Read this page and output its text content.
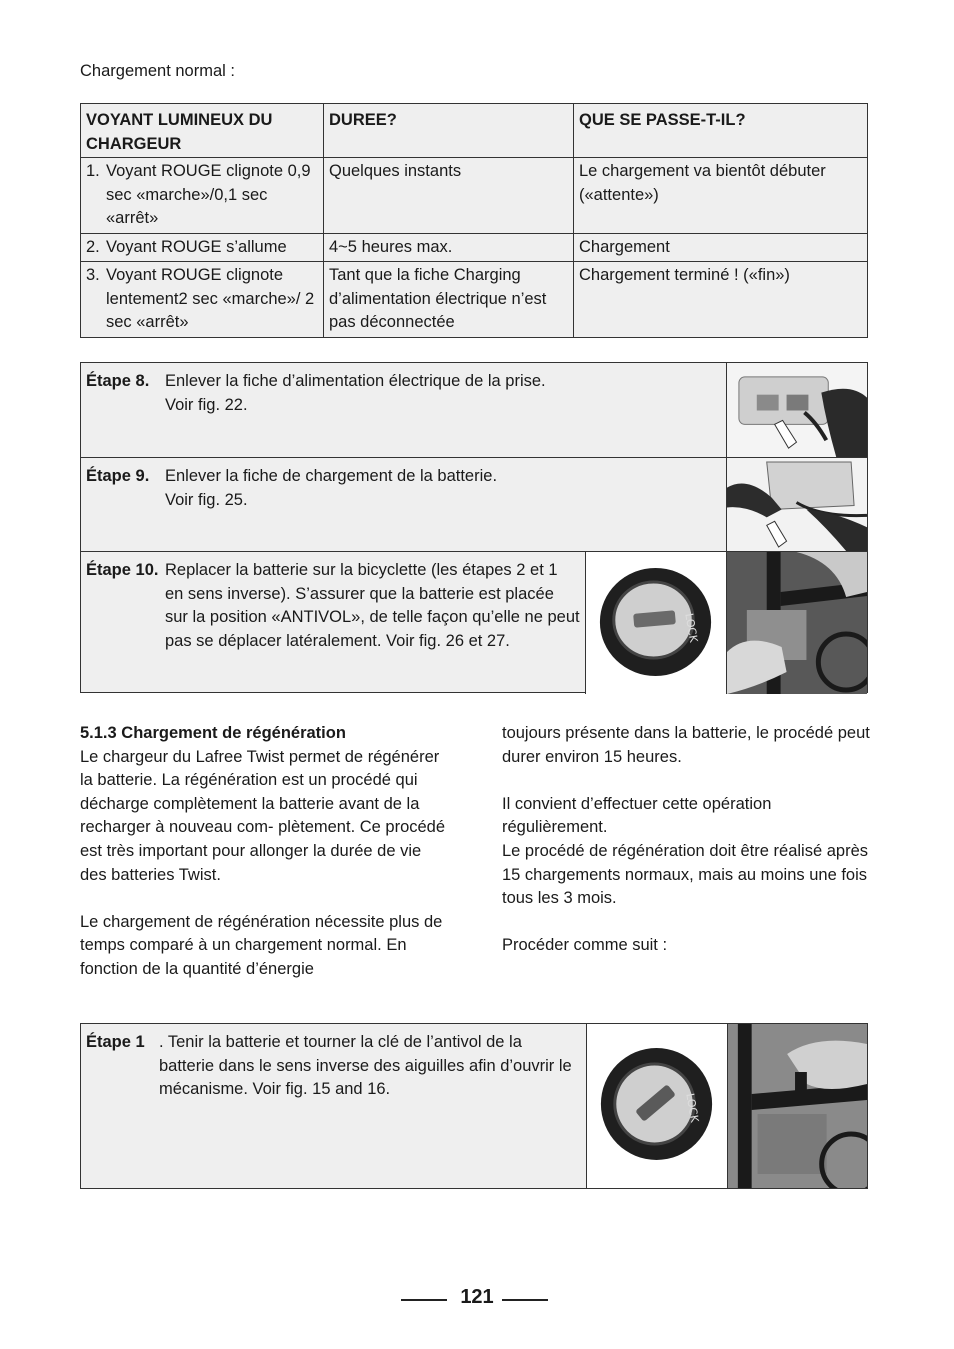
Chargement normal :
VOYANT LUMINEUX DU CHARGEUR	DUREE?	QUE SE PASSE-T-IL?

1. Voyant ROUGE clignote 0,9 sec «marche»/0,1 sec «arrêt»	Quelques instants	Le chargement va bientôt débuter («attente»)

2. Voyant ROUGE s’allume	4~5 heures max.	Chargement

3. Voyant ROUGE clignote lentement2 sec «marche»/ 2 sec «arrêt»	Tant que la fiche Charging d’alimentation électrique n’est pas déconnectée	Chargement terminé ! («fin»)
Étape 8. Enlever la fiche d’alimentation électrique de la prise.
Voir fig. 22.
Étape 9. Enlever la fiche de chargement de la batterie.
Voir fig. 25.
Étape 10. Replacer la batterie sur la bicyclette (les étapes 2 et 1 en sens inverse). S’assurer que la batterie est placée sur la position «ANTIVOL», de telle façon qu’elle ne peut pas se déplacer latéralement. Voir fig. 26 et 27.	LOCK
5.1.3 Chargement de régénération

Le chargeur du Lafree Twist permet de régénérer la batterie. La régénération est un procédé qui décharge complètement la batterie avant de la recharger à nouveau com- plètement. Ce procédé est très important pour allonger la durée de vie des batteries Twist.

Le chargement de régénération nécessite plus de temps comparé à un chargement normal. En fonction de la quantité d’énergie

toujours présente dans la batterie, le procédé peut durer environ 15 heures.

Il convient d’effectuer cette opération régulièrement.

Le procédé de régénération doit être réalisé après 15 chargements normaux, mais au moins une fois tous les 3 mois.

Procéder comme suit :

Étape 1 . Tenir la batterie et tourner la clé de l’antivol de la batterie dans le sens inverse des aiguilles afin d’ouvrir le mécanisme. Voir fig. 15 and 16.
LOCK
121
